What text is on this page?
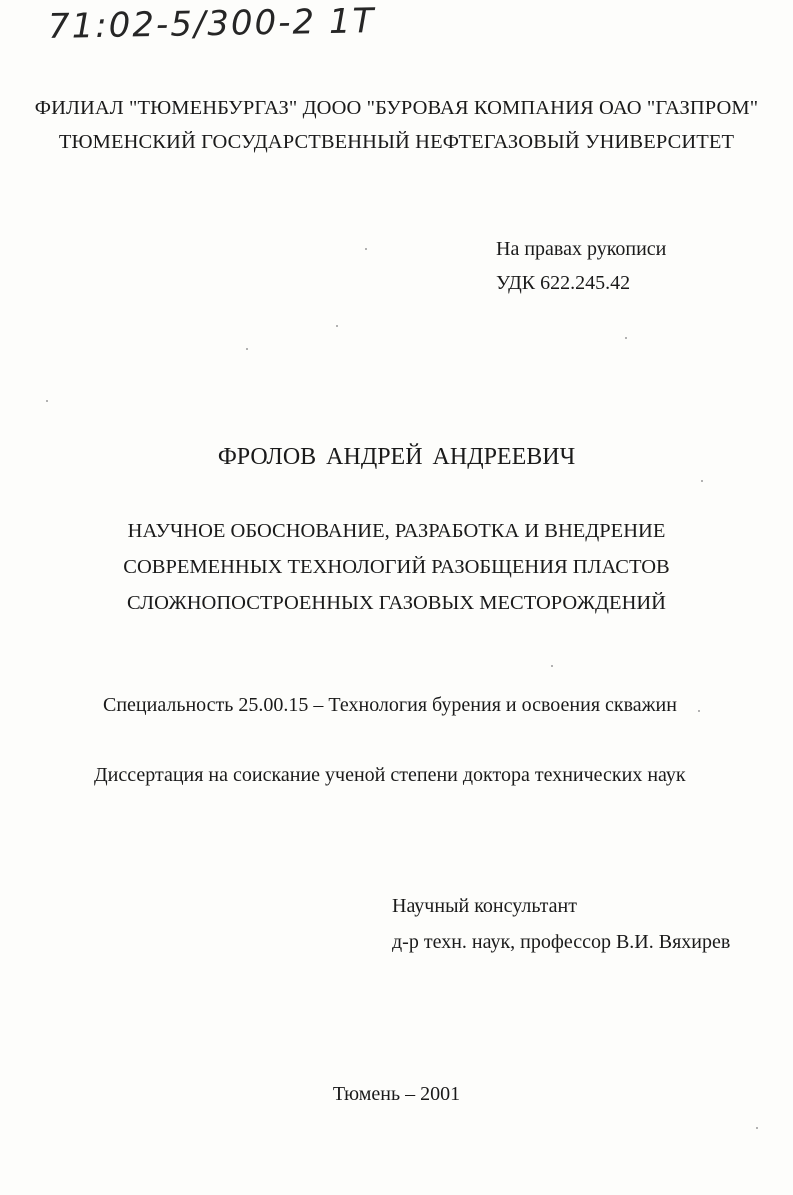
71:02-5/300-2 1T
ФИЛИАЛ "ТЮМЕНБУРГАЗ" ДООО "БУРОВАЯ КОМПАНИЯ ОАО "ГАЗПРОМ"
ТЮМЕНСКИЙ ГОСУДАРСТВЕННЫЙ НЕФТЕГАЗОВЫЙ УНИВЕРСИТЕТ
На правах рукописи
УДК 622.245.42
ФРОЛОВ АНДРЕЙ АНДРЕЕВИЧ
НАУЧНОЕ ОБОСНОВАНИЕ, РАЗРАБОТКА И ВНЕДРЕНИЕ
СОВРЕМЕННЫХ ТЕХНОЛОГИЙ РАЗОБЩЕНИЯ ПЛАСТОВ
СЛОЖНОПОСТРОЕННЫХ ГАЗОВЫХ МЕСТОРОЖДЕНИЙ
Специальность 25.00.15 – Технология бурения и освоения скважин
Диссертация на соискание ученой степени доктора технических наук
Научный консультант
д-р техн. наук, профессор В.И. Вяхирев
Тюмень – 2001
